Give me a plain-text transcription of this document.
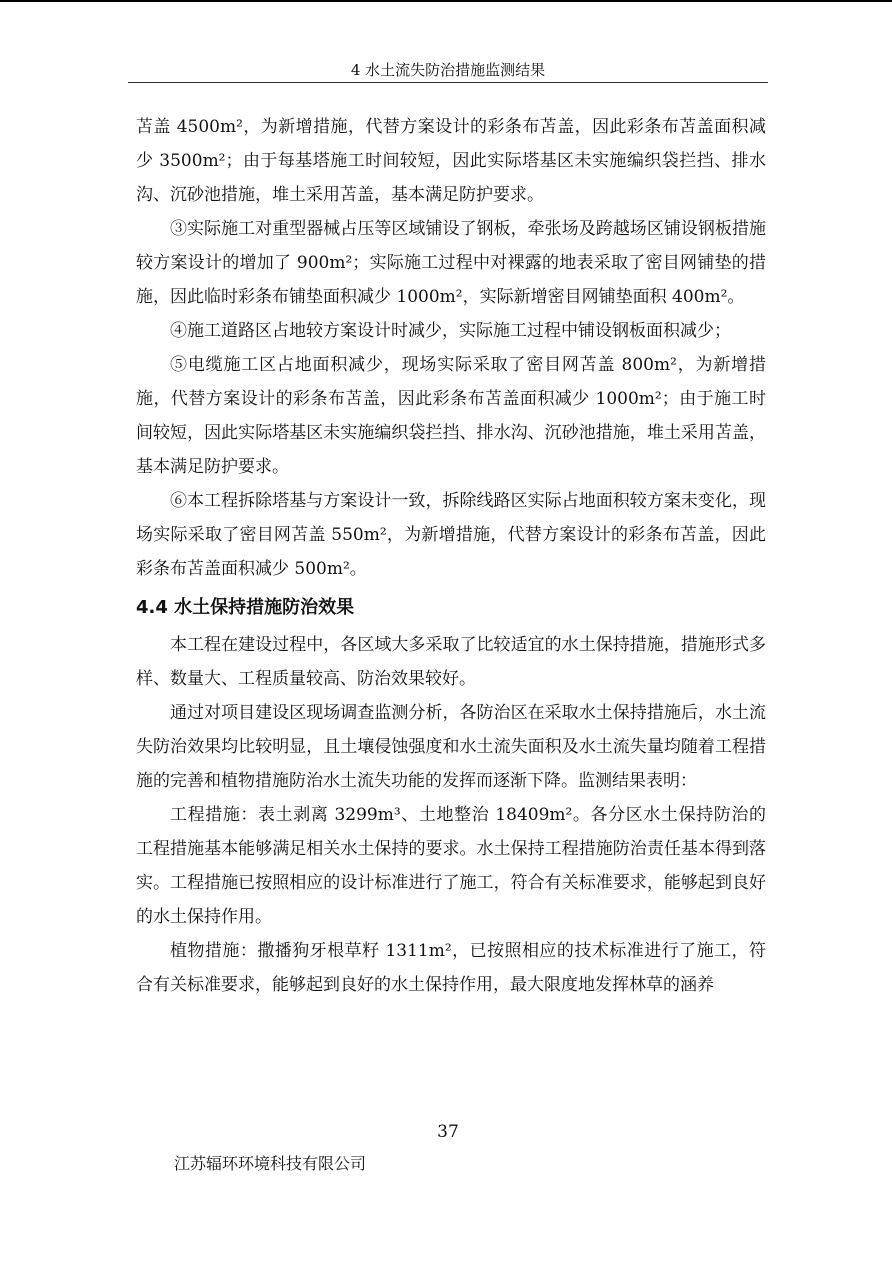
4 水土流失防治措施监测结果

苫盖 4500m²，为新增措施，代替方案设计的彩条布苫盖，因此彩条布苫盖面积减少 3500m²；由于每基塔施工时间较短，因此实际塔基区未实施编织袋拦挡、排水沟、沉砂池措施，堆土采用苫盖，基本满足防护要求。

③实际施工对重型器械占压等区域铺设了钢板，牵张场及跨越场区铺设钢板措施较方案设计的增加了 900m²；实际施工过程中对裸露的地表采取了密目网铺垫的措施，因此临时彩条布铺垫面积减少 1000m²，实际新增密目网铺垫面积 400m²。

④施工道路区占地较方案设计时减少，实际施工过程中铺设钢板面积减少；

⑤电缆施工区占地面积减少，现场实际采取了密目网苫盖 800m²，为新增措施，代替方案设计的彩条布苫盖，因此彩条布苫盖面积减少 1000m²；由于施工时间较短，因此实际塔基区未实施编织袋拦挡、排水沟、沉砂池措施，堆土采用苫盖，基本满足防护要求。

⑥本工程拆除塔基与方案设计一致，拆除线路区实际占地面积较方案未变化，现场实际采取了密目网苫盖 550m²，为新增措施，代替方案设计的彩条布苫盖，因此彩条布苫盖面积减少 500m²。

4.4 水土保持措施防治效果

本工程在建设过程中，各区域大多采取了比较适宜的水土保持措施，措施形式多样、数量大、工程质量较高、防治效果较好。

通过对项目建设区现场调查监测分析，各防治区在采取水土保持措施后，水土流失防治效果均比较明显，且土壤侵蚀强度和水土流失面积及水土流失量均随着工程措施的完善和植物措施防治水土流失功能的发挥而逐渐下降。监测结果表明：

工程措施：表土剥离 3299m³、土地整治 18409m²。各分区水土保持防治的工程措施基本能够满足相关水土保持的要求。水土保持工程措施防治责任基本得到落实。工程措施已按照相应的设计标准进行了施工，符合有关标准要求，能够起到良好的水土保持作用。

植物措施：撒播狗牙根草籽 1311m²，已按照相应的技术标准进行了施工，符合有关标准要求，能够起到良好的水土保持作用，最大限度地发挥林草的涵养

37
江苏辐环环境科技有限公司
